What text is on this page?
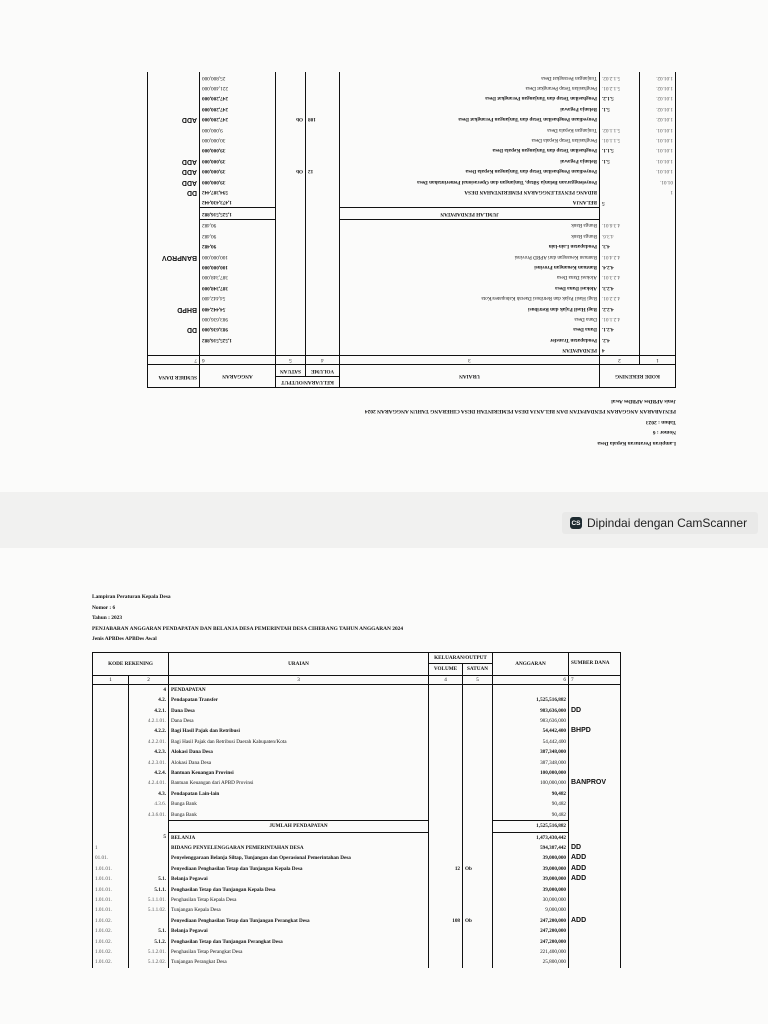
Lampiran Peraturan Kepala Desa
Nomor : 6
Tahun : 2023
PENJABARAN ANGGARAN PENDAPATAN DAN BELANJA DESA PEMERINTAH DESA CIHERANG TAHUN ANGGARAN 2024
Jenis APBDes APBDes Awal
KODE REKENING		URAIAN	KELUARAN/OUTPUT		ANGGARAN	SUMBER DANA
			VOLUME	SATUAN		
1	2	3	4	5	6	7
	4	PENDAPATAN				
	4.2.	Pendapatan Transfer			1,525,516,882	
	4.2.1.	Dana Desa			983,636,000	DD
	4.2.1.01.	Dana Desa			983,636,000	
	4.2.2.	Bagi Hasil Pajak dan Retribusi			54,442,400	BHPD
	4.2.2.01.	Bagi Hasil Pajak dan Retribusi Daerah Kabupaten/Kota			54,442,400	
	4.2.3.	Alokasi Dana Desa			387,348,000	
	4.2.3.01.	Alokasi Dana Desa			387,348,000	
	4.2.4.	Bantuan Keuangan Provinsi			100,000,000	
	4.2.4.01.	Bantuan Keuangan dari APBD Provinsi			100,000,000	BANPROV
	4.3.	Pendapatan Lain-lain			90,482	
	4.3.6.	Bunga Bank			90,482	
	4.3.6.01.	Bunga Bank			90,482	
		JUMLAH PENDAPATAN			1,525,516,882	
	5	BELANJA			1,473,430,442	
1		BIDANG PENYELENGGARAN PEMERINTAHAN DESA			594,387,442	DD
01.01.		Penyelenggaraan Belanja Siltap, Tunjangan dan Operasional Pemerintahan Desa			39,000,000	ADD
1.01.01.		Penyediaan Penghasilan Tetap dan Tunjangan Kepala Desa	12	Ob	39,000,000	ADD
1.01.01.	5.1.	Belanja Pegawai			39,000,000	ADD
1.01.01.	5.1.1.	Penghasilan Tetap dan Tunjangan Kepala Desa			39,000,000	
1.01.01.	5.1.1.01.	Penghasilan Tetap Kepala Desa			30,000,000	
1.01.01.	5.1.1.02.	Tunjangan Kepala Desa			9,000,000	
1.01.02.		Penyediaan Penghasilan Tetap dan Tunjangan Perangkat Desa	108	Ob	247,200,000	ADD
1.01.02.	5.1.	Belanja Pegawai			247,200,000	
1.01.02.	5.1.2.	Penghasilan Tetap dan Tunjangan Perangkat Desa			247,200,000	
1.01.02.	5.1.2.01.	Penghasilan Tetap Perangkat Desa			221,400,000	
1.01.02.	5.1.2.02.	Tunjangan Perangkat Desa			25,800,000	
CS Dipindai dengan CamScanner
Lampiran Peraturan Kepala Desa
Nomor : 6
Tahun : 2023
PENJABARAN ANGGARAN PENDAPATAN DAN BELANJA DESA PEMERINTAH DESA CIHERANG TAHUN ANGGARAN 2024
Jenis APBDes APBDes Awal
KODE REKENING		URAIAN	KELUARAN/OUTPUT		ANGGARAN	SUMBER DANA
			VOLUME	SATUAN		
1	2	3	4	5	6	7
	4	PENDAPATAN				
	4.2.	Pendapatan Transfer			1,525,516,882	
	4.2.1.	Dana Desa			983,636,000	DD
	4.2.1.01.	Dana Desa			983,636,000	
	4.2.2.	Bagi Hasil Pajak dan Retribusi			54,442,400	BHPD
	4.2.2.01.	Bagi Hasil Pajak dan Retribusi Daerah Kabupaten/Kota			54,442,400	
	4.2.3.	Alokasi Dana Desa			387,348,000	
	4.2.3.01.	Alokasi Dana Desa			387,348,000	
	4.2.4.	Bantuan Keuangan Provinsi			100,000,000	
	4.2.4.01.	Bantuan Keuangan dari APBD Provinsi			100,000,000	BANPROV
	4.3.	Pendapatan Lain-lain			90,482	
	4.3.6.	Bunga Bank			90,482	
	4.3.6.01.	Bunga Bank			90,482	
		JUMLAH PENDAPATAN			1,525,516,882	
	5	BELANJA			1,473,430,442	
1		BIDANG PENYELENGGARAN PEMERINTAHAN DESA			594,387,442	DD
01.01.		Penyelenggaraan Belanja Siltap, Tunjangan dan Operasional Pemerintahan Desa			39,000,000	ADD
1.01.01.		Penyediaan Penghasilan Tetap dan Tunjangan Kepala Desa	12	Ob	39,000,000	ADD
1.01.01.	5.1.	Belanja Pegawai			39,000,000	ADD
1.01.01.	5.1.1.	Penghasilan Tetap dan Tunjangan Kepala Desa			39,000,000	
1.01.01.	5.1.1.01.	Penghasilan Tetap Kepala Desa			30,000,000	
1.01.01.	5.1.1.02.	Tunjangan Kepala Desa			9,000,000	
1.01.02.		Penyediaan Penghasilan Tetap dan Tunjangan Perangkat Desa	108	Ob	247,200,000	ADD
1.01.02.	5.1.	Belanja Pegawai			247,200,000	
1.01.02.	5.1.2.	Penghasilan Tetap dan Tunjangan Perangkat Desa			247,200,000	
1.01.02.	5.1.2.01.	Penghasilan Tetap Perangkat Desa			221,400,000	
1.01.02.	5.1.2.02.	Tunjangan Perangkat Desa			25,800,000	
